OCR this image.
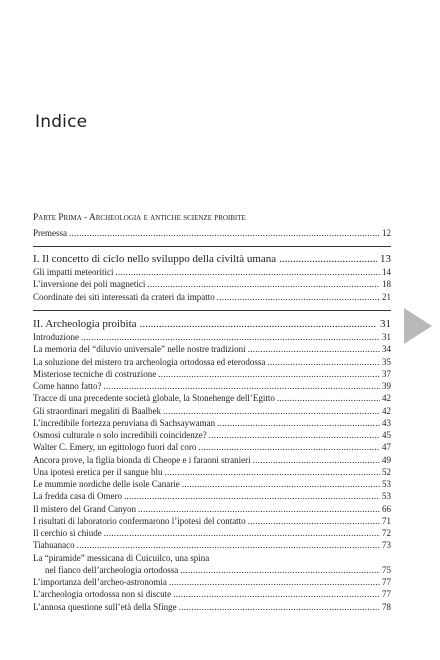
Indice
Parte Prima - Archeologia e antiche scienze proibite
Premessa .....	12
I. Il concetto di ciclo nello sviluppo della civiltà umana .....	13
Gli impatti meteoritici .....	14
L’inversione dei poli magnetici .....	18
Coordinate dei siti interessati da crateri da impatto .....	21
II. Archeologia proibita .....	31
Introduzione .....	31
La memoria del “diluvio universale” nelle nostre tradizioni .....	34
La soluzione del mistero tra archeologia ortodossa ed eterodossa .....	35
Misteriose tecniche di costruzione .....	37
Come hanno fatto? .....	39
Tracce di una precedente società globale, la Stonehenge dell’Egitto .....	42
Gli straordinari megaliti di Baalbek .....	42
L’incredibile fortezza peruviana di Sachsaywaman .....	43
Osmosi culturale o solo incredibili coincidenze? .....	45
Walter C. Emery, un egittologo fuori dal coro .....	47
Ancora prove, la figlia bionda di Cheope e i faraoni stranieri .....	49
Una ipotesi eretica per il sangue blu .....	52
Le mummie nordiche delle isole Canarie .....	53
La fredda casa di Omero .....	53
Il mistero del Grand Canyon .....	66
I risultati di laboratorio confermarono l’ipotesi del contatto .....	71
Il cerchio si chiude .....	72
Tiahuanaco .....	73
La “piramide” messicana di Cuicuilco, una spina
nel fianco dell’archeologia ortodossa .....	75
L’importanza dell’archeo-astronomia .....	77
L’archeologia ortodossa non si discute .....	77
L’annosa questione sull’età della Sfinge .....	78
